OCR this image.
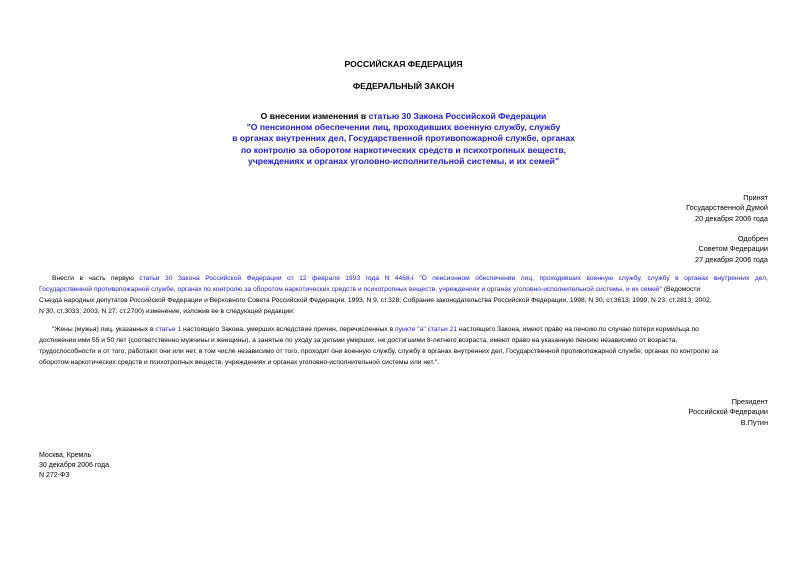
РОССИЙСКАЯ ФЕДЕРАЦИЯ
ФЕДЕРАЛЬНЫЙ ЗАКОН
О внесении изменения в статью 30 Закона Российской Федерации
"О пенсионном обеспечении лиц, проходивших военную службу, службу
в органах внутренних дел, Государственной противопожарной службе, органах
по контролю за оборотом наркотических средств и психотропных веществ,
учреждениях и органах уголовно-исполнительной системы, и их семей"
Принят
Государственной Думой
20 декабря 2006 года
Одобрен
Советом Федерации
27 декабря 2006 года
Внести в часть первую статьи 30 Закона Российской Федерации от 12 февраля 1993 года N 4468-I "О пенсионном обеспечении лиц, проходивших военную службу, службу в органах внутренних дел,
Государственной противопожарной службе, органах по контролю за оборотом наркотических средств и психотропных веществ, учреждениях и органах уголовно-исполнительной системы, и их семей" (Ведомости
Съезда народных депутатов Российской Федерации и Верховного Совета Российской Федерации, 1993, N 9, ст.328; Собрание законодательства Российской Федерации, 1998, N 30, ст.3613; 1999, N 23, ст.2813; 2002,
N 30, ст.3033; 2003, N 27, ст.2700) изменение, изложив ее в следующей редакции:
"Жены (мужья) лиц, указанных в статье 1 настоящего Закона, умерших вследствие причин, перечисленных в пункте "а" статьи 21 настоящего Закона, имеют право на пенсию по случаю потери кормильца по
достижении ими 55 и 50 лет (соответственно мужчины и женщины), а занятые по уходу за детьми умерших, не достигшими 8-летнего возраста, имеют право на указанную пенсию независимо от возраста,
трудоспособности и от того, работают они или нет, в том числе независимо от того, проходят они военную службу, службу в органах внутренних дел, Государственной противопожарной службе, органах по контролю за
оборотом наркотических средств и психотропных веществ, учреждениях и органах уголовно-исполнительной системы или нет.".
Президент
Российской Федерации
В.Путин
Москва, Кремль
30 декабря 2006 года
N 272-ФЗ
